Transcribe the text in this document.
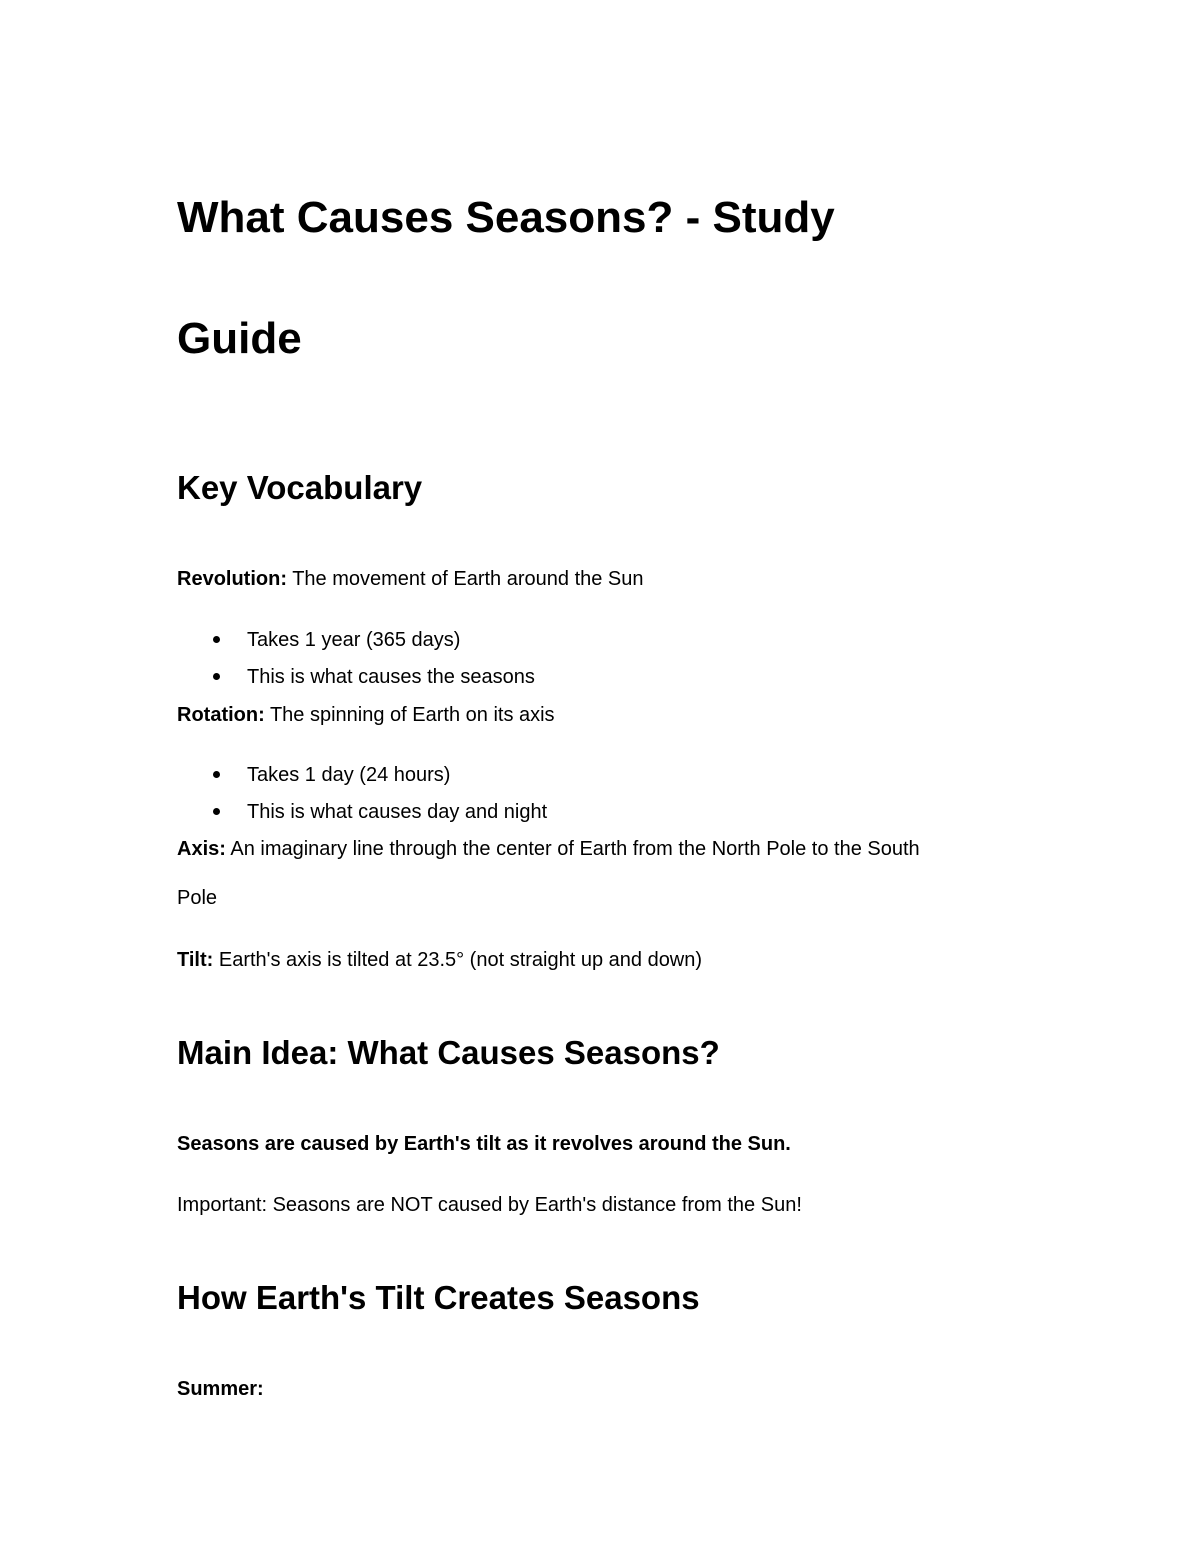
What Causes Seasons? - Study
Guide
Key Vocabulary

Revolution: The movement of Earth around the Sun

Takes 1 year (365 days)

This is what causes the seasons

Rotation: The spinning of Earth on its axis

Takes 1 day (24 hours)

This is what causes day and night

Axis: An imaginary line through the center of Earth from the North Pole to the South

Pole

Tilt: Earth's axis is tilted at 23.5° (not straight up and down)

Main Idea: What Causes Seasons?

Seasons are caused by Earth's tilt as it revolves around the Sun.

Important: Seasons are NOT caused by Earth's distance from the Sun!

How Earth's Tilt Creates Seasons

Summer:
